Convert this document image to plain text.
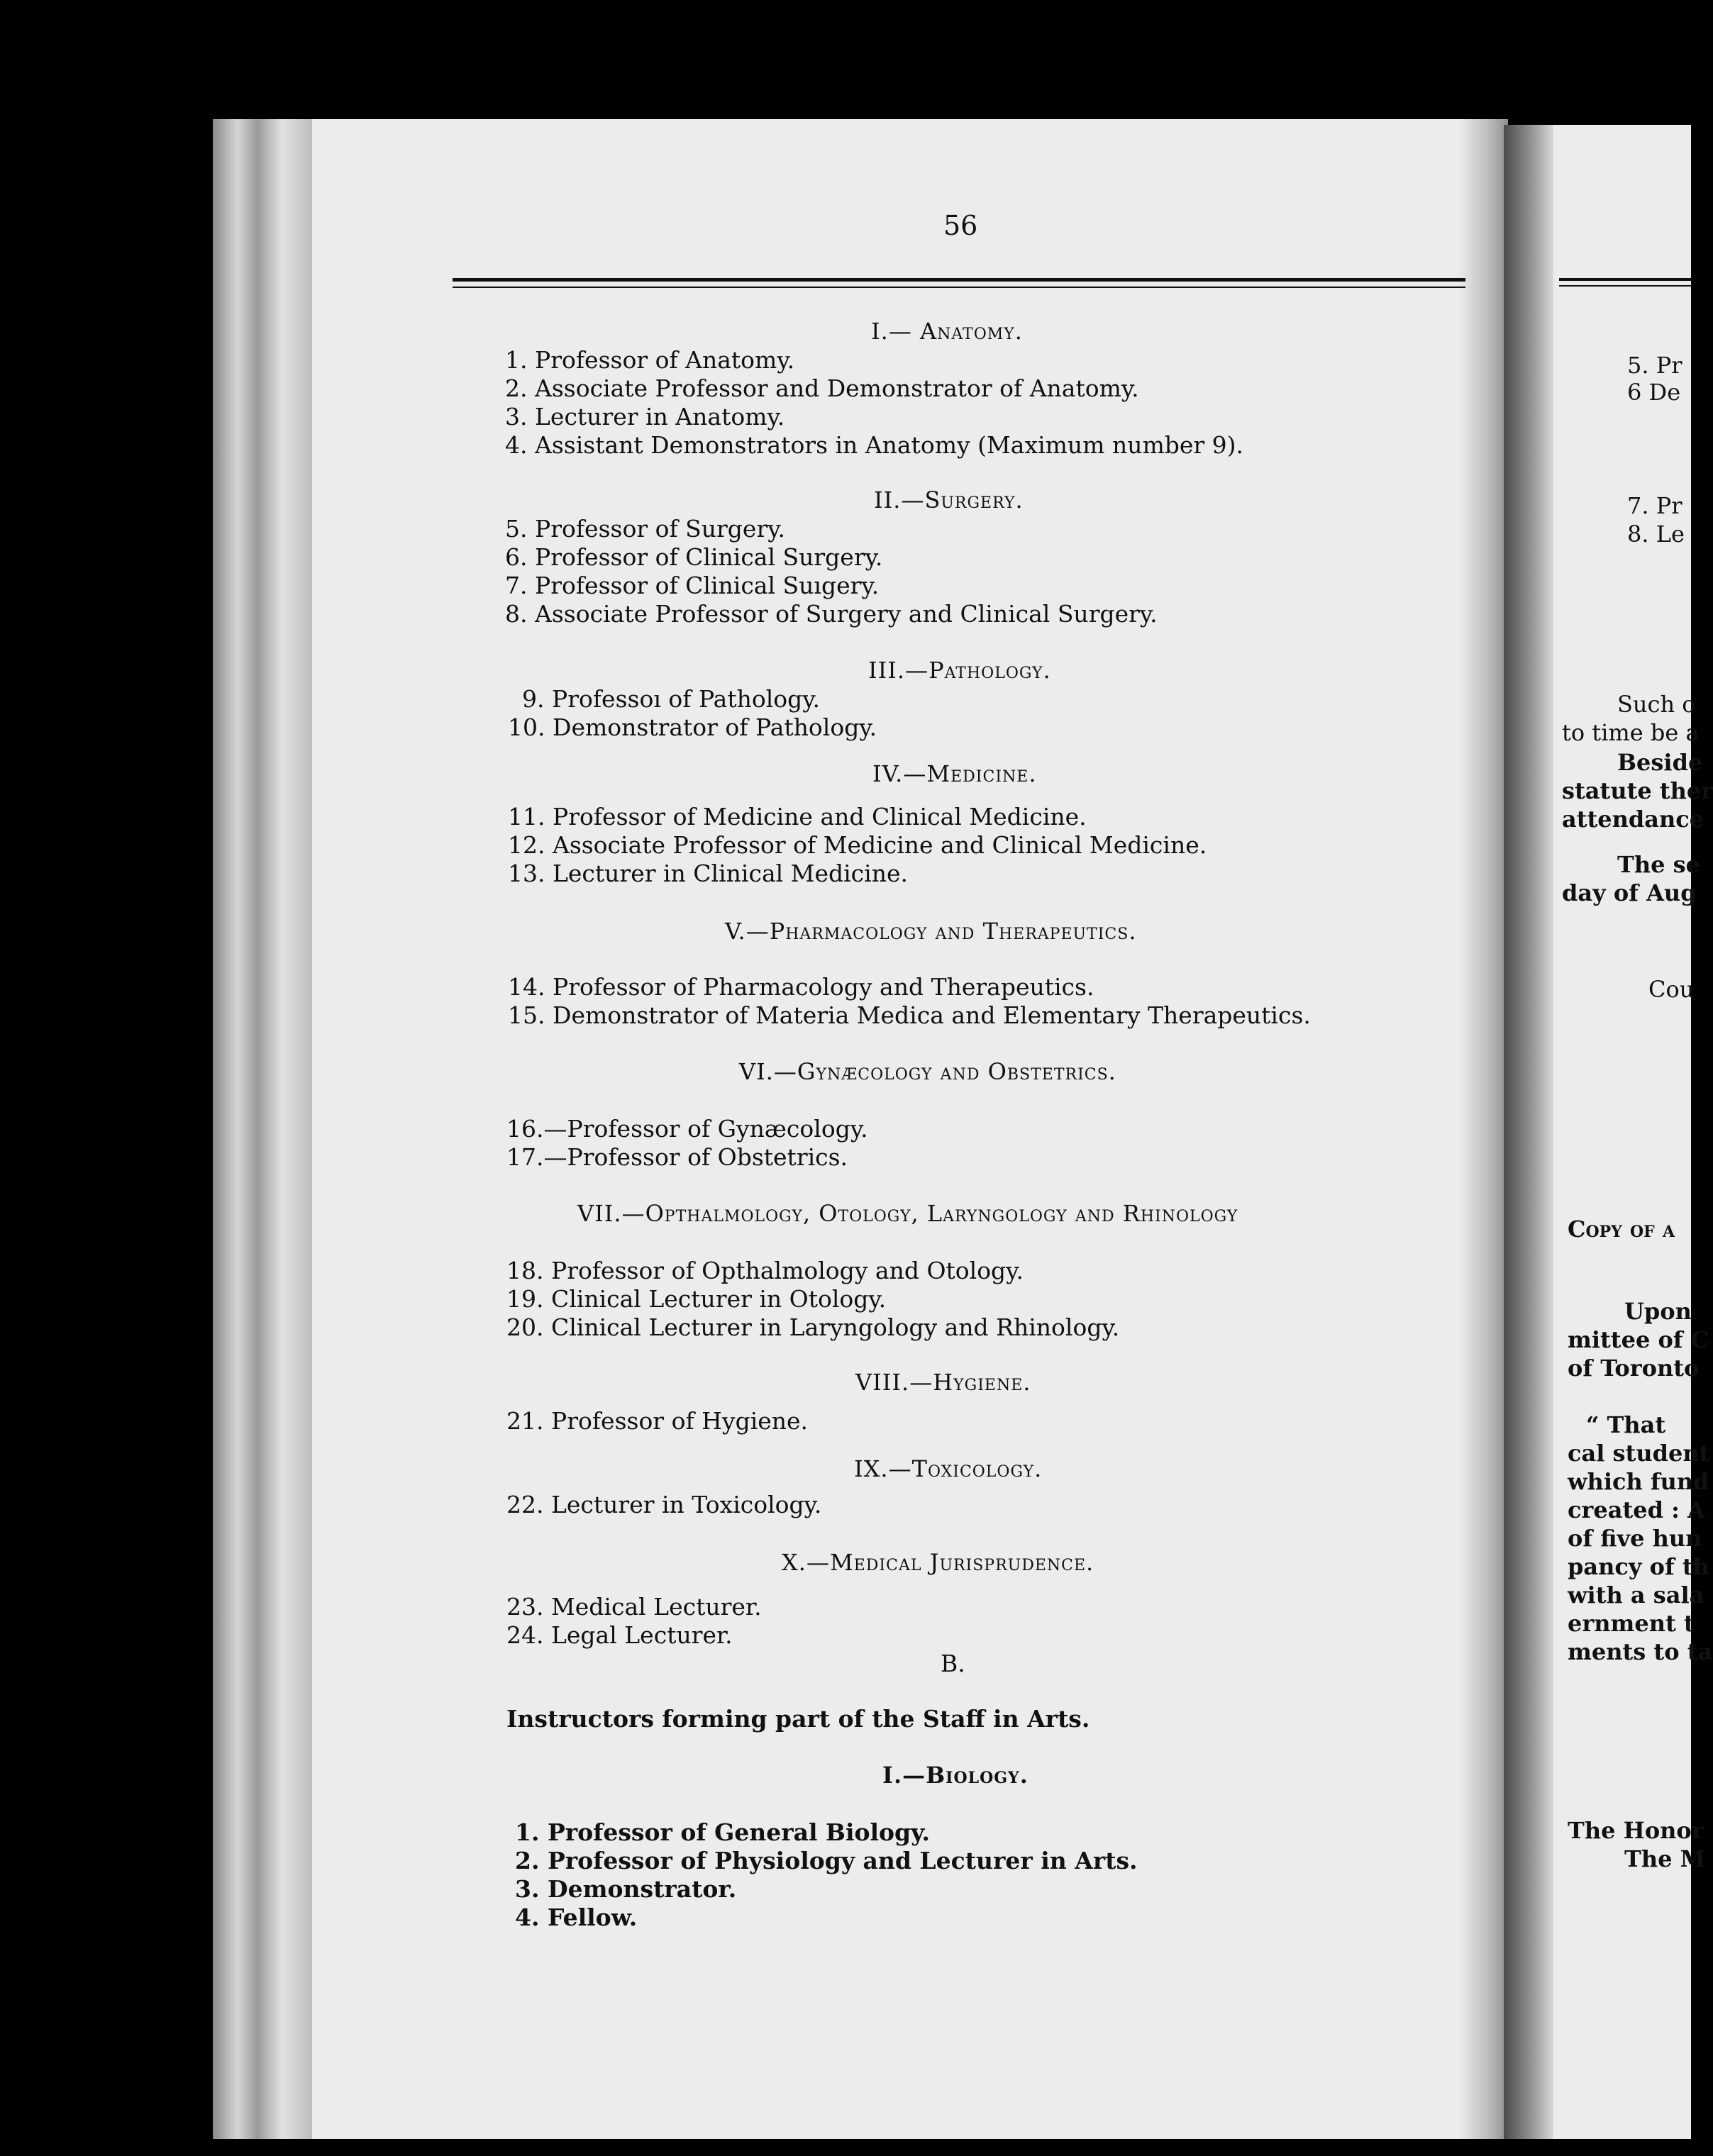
56
I.— Anatomy.
1. Professor of Anatomy.
2. Associate Professor and Demonstrator of Anatomy.
3. Lecturer in Anatomy.
4. Assistant Demonstrators in Anatomy (Maximum number 9).
II.—Surgery.
5. Professor of Surgery.
6. Professor of Clinical Surgery.
7. Professor of Clinical Suıgery.
8. Associate Professor of Surgery and Clinical Surgery.
III.—Pathology.
9. Professoı of Pathology.
10. Demonstrator of Pathology.
IV.—Medicine.
11. Professor of Medicine and Clinical Medicine.
12. Associate Professor of Medicine and Clinical Medicine.
13. Lecturer in Clinical Medicine.
V.—Pharmacology and Therapeutics.
14. Professor of Pharmacology and Therapeutics.
15. Demonstrator of Materia Medica and Elementary Therapeutics.
VI.—Gynæcology and Obstetrics.
16.—Professor of Gynæcology.
17.—Professor of Obstetrics.
VII.—Opthalmology, Otology, Laryngology and Rhinology
18. Professor of Opthalmology and Otology.
19. Clinical Lecturer in Otology.
20. Clinical Lecturer in Laryngology and Rhinology.
VIII.—Hygiene.
21. Professor of Hygiene.
IX.—Toxicology.
22. Lecturer in Toxicology.
X.—Medical Jurisprudence.
23. Medical Lecturer.
24. Legal Lecturer.
B.
Instructors forming part of the Staff in Arts.
I.—Biology.
1. Professor of General Biology.
2. Professor of Physiology and Lecturer in Arts.
3. Demonstrator.
4. Fellow.
5. Pr
6 De
7. Pr
8. Le
Such o
to time be a
Beside
statute ther
attendance
The se
day of Aug
Cou
Copy of a
Upon
mittee of C
of Toronto
“ That
cal student
which fund
created : A
of five hun
pancy of th
with a sala
ernment t
ments to ta
The Honor
The M
